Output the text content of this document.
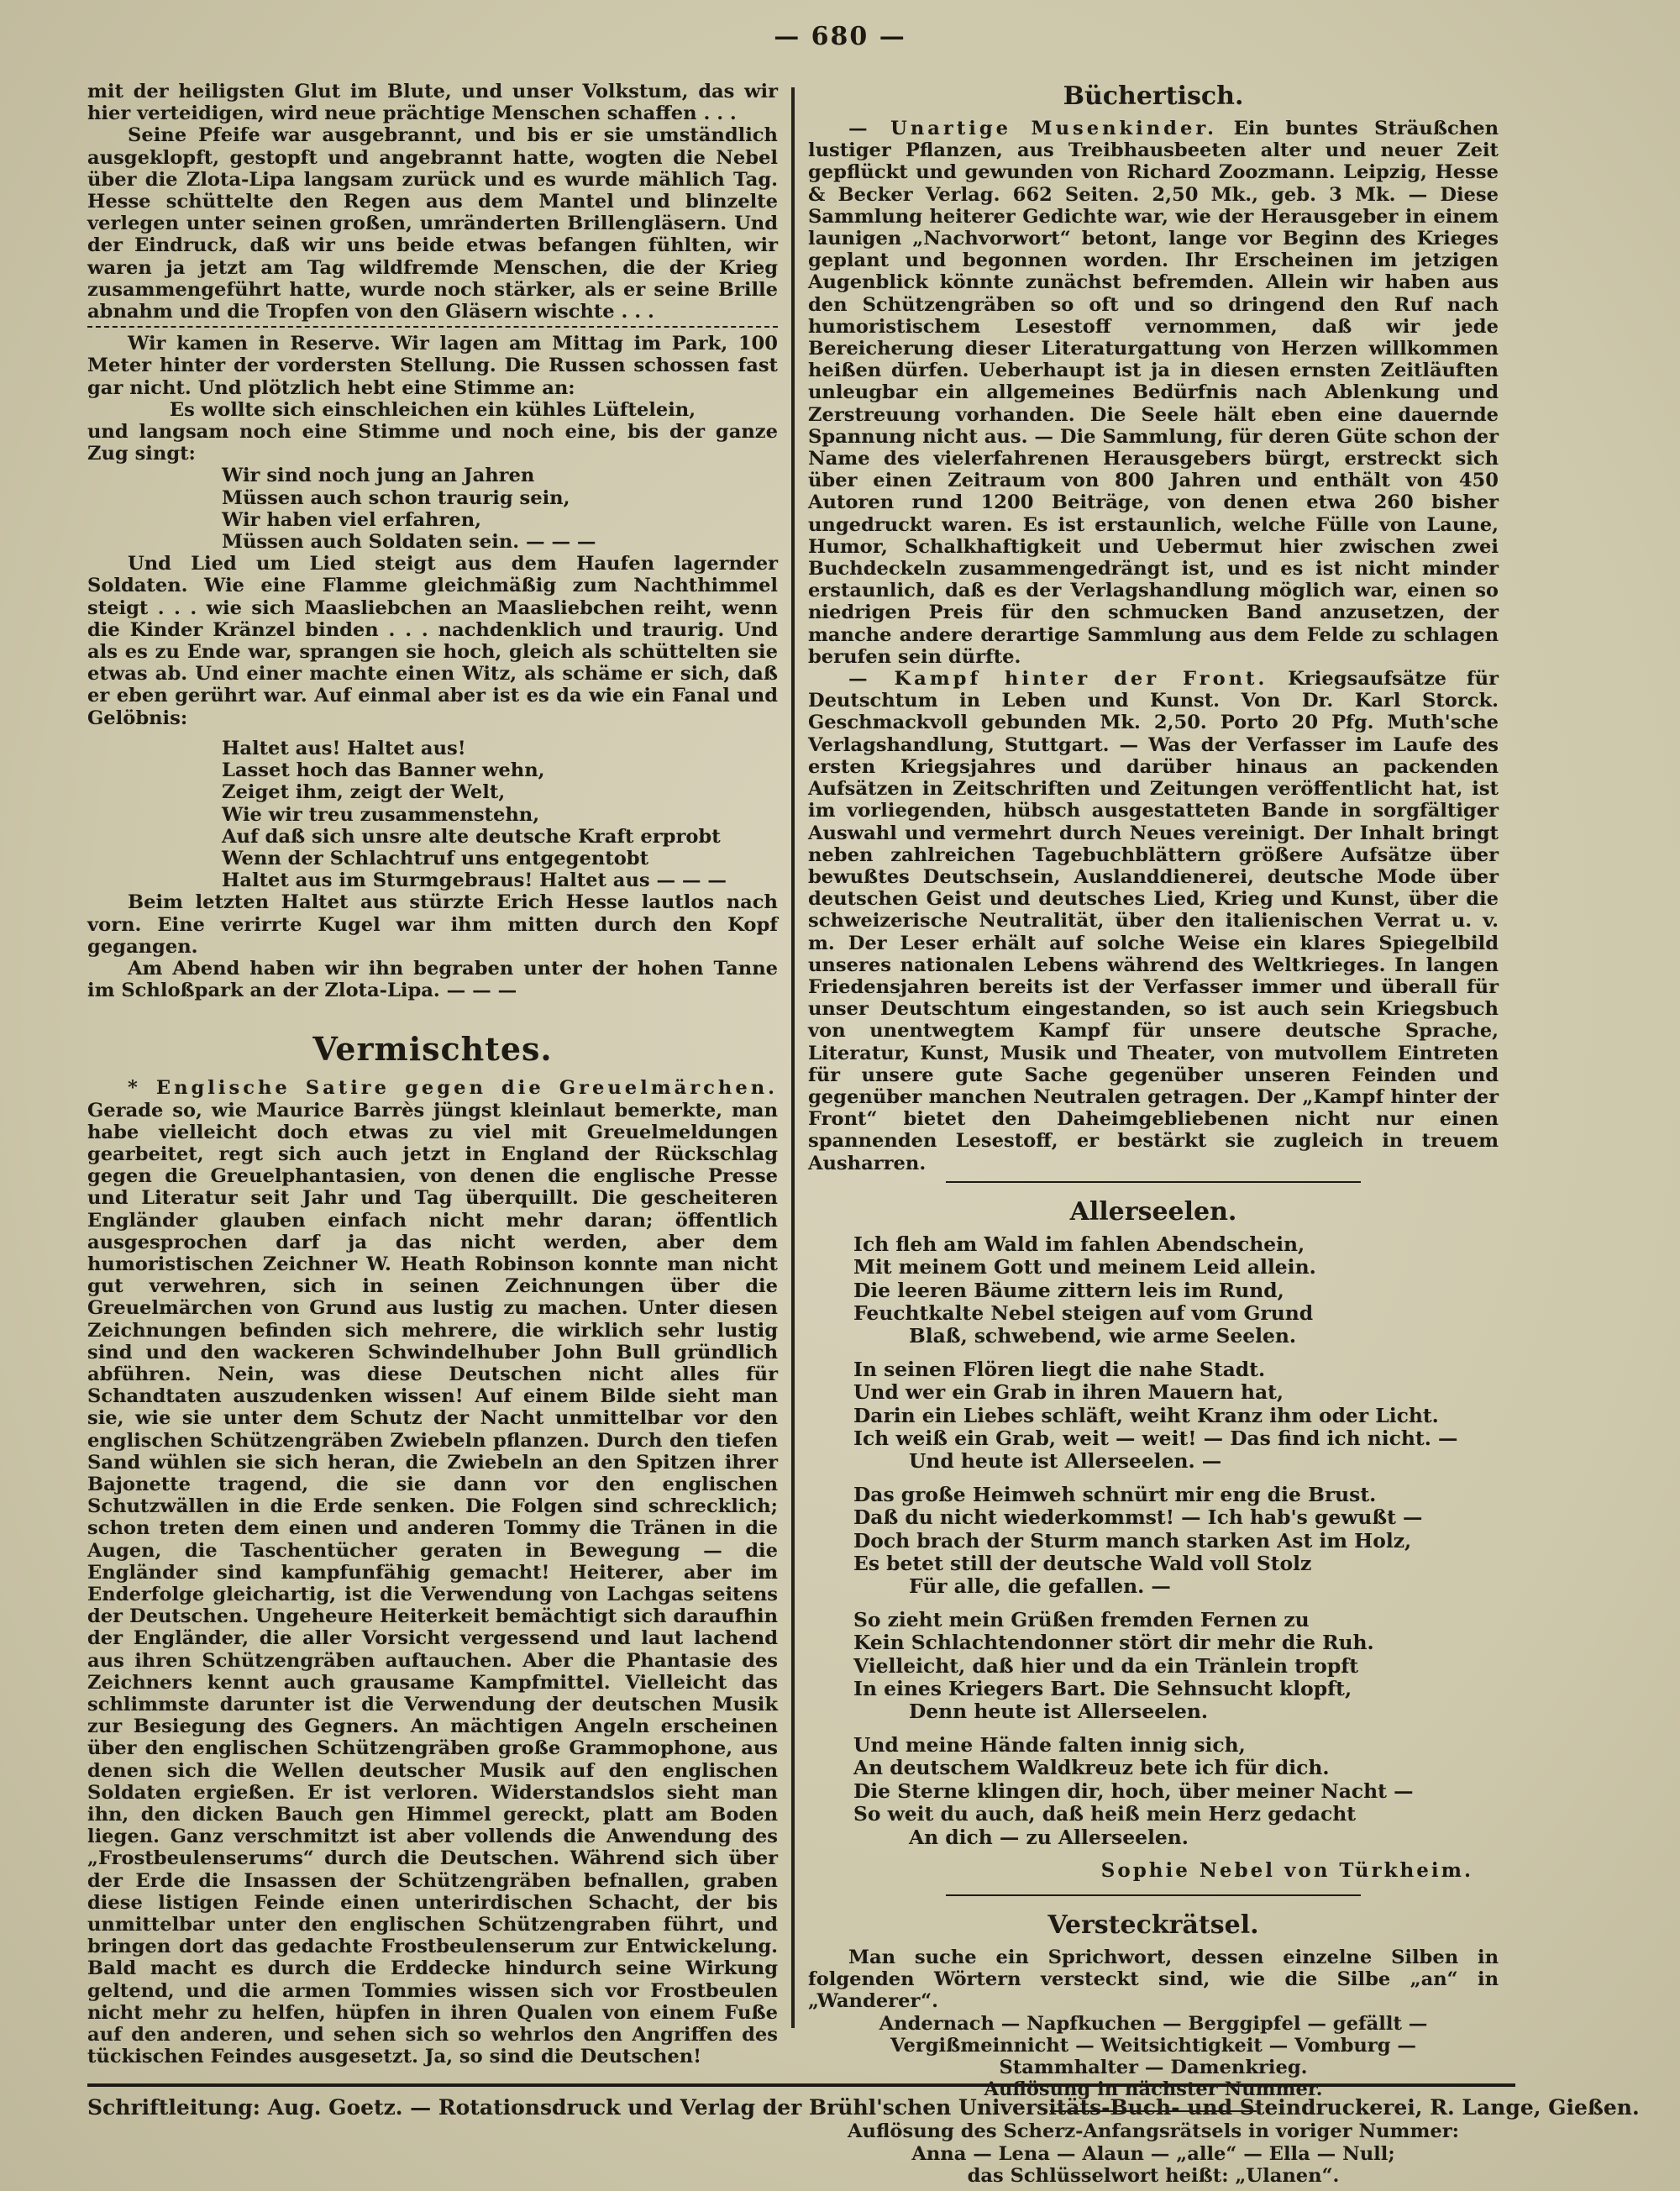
— 680 —

mit der heiligsten Glut im Blute, und unser Volkstum, das wir hier verteidigen, wird neue prächtige Menschen schaffen . . .

Seine Pfeife war ausgebrannt, und bis er sie umständlich ausgeklopft, gestopft und angebrannt hatte, wogten die Nebel über die Zlota-Lipa langsam zurück und es wurde mählich Tag. Hesse schüttelte den Regen aus dem Mantel und blinzelte verlegen unter seinen großen, umränderten Brillengläsern. Und der Eindruck, daß wir uns beide etwas befangen fühlten, wir waren ja jetzt am Tag wildfremde Menschen, die der Krieg zusammengeführt hatte, wurde noch stärker, als er seine Brille abnahm und die Tropfen von den Gläsern wischte . . .

Wir kamen in Reserve. Wir lagen am Mittag im Park, 100 Meter hinter der vordersten Stellung. Die Russen schossen fast gar nicht. Und plötzlich hebt eine Stimme an:

Es wollte sich einschleichen ein kühles Lüftelein,

und langsam noch eine Stimme und noch eine, bis der ganze Zug singt:

Wir sind noch jung an Jahren
Müssen auch schon traurig sein,
Wir haben viel erfahren,
Müssen auch Soldaten sein. — — —

Und Lied um Lied steigt aus dem Haufen lagernder Soldaten. Wie eine Flamme gleichmäßig zum Nachthimmel steigt . . . wie sich Maasliebchen an Maasliebchen reiht, wenn die Kinder Kränzel binden . . . nachdenklich und traurig. Und als es zu Ende war, sprangen sie hoch, gleich als schüttelten sie etwas ab. Und einer machte einen Witz, als schäme er sich, daß er eben gerührt war. Auf einmal aber ist es da wie ein Fanal und Gelöbnis:

Haltet aus! Haltet aus!
Lasset hoch das Banner wehn,
Zeiget ihm, zeigt der Welt,
Wie wir treu zusammenstehn,
Auf daß sich unsre alte deutsche Kraft erprobt
Wenn der Schlachtruf uns entgegentobt
Haltet aus im Sturmgebraus! Haltet aus — — —

Beim letzten Haltet aus stürzte Erich Hesse lautlos nach vorn. Eine verirrte Kugel war ihm mitten durch den Kopf gegangen.

Am Abend haben wir ihn begraben unter der hohen Tanne im Schloßpark an der Zlota-Lipa. — — —

Vermischtes.

* Englische Satire gegen die Greuelmärchen. Gerade so, wie Maurice Barrès jüngst kleinlaut bemerkte, man habe vielleicht doch etwas zu viel mit Greuelmeldungen gearbeitet, regt sich auch jetzt in England der Rückschlag gegen die Greuelphantasien, von denen die englische Presse und Literatur seit Jahr und Tag überquillt. Die gescheiteren Engländer glauben einfach nicht mehr daran; öffentlich ausgesprochen darf ja das nicht werden, aber dem humoristischen Zeichner W. Heath Robinson konnte man nicht gut verwehren, sich in seinen Zeichnungen über die Greuelmärchen von Grund aus lustig zu machen. Unter diesen Zeichnungen befinden sich mehrere, die wirklich sehr lustig sind und den wackeren Schwindelhuber John Bull gründlich abführen. Nein, was diese Deutschen nicht alles für Schandtaten auszudenken wissen! Auf einem Bilde sieht man sie, wie sie unter dem Schutz der Nacht unmittelbar vor den englischen Schützengräben Zwiebeln pflanzen. Durch den tiefen Sand wühlen sie sich heran, die Zwiebeln an den Spitzen ihrer Bajonette tragend, die sie dann vor den englischen Schutzwällen in die Erde senken. Die Folgen sind schrecklich; schon treten dem einen und anderen Tommy die Tränen in die Augen, die Taschentücher geraten in Bewegung — die Engländer sind kampfunfähig gemacht! Heiterer, aber im Enderfolge gleichartig, ist die Verwendung von Lachgas seitens der Deutschen. Ungeheure Heiterkeit bemächtigt sich daraufhin der Engländer, die aller Vorsicht vergessend und laut lachend aus ihren Schützengräben auftauchen. Aber die Phantasie des Zeichners kennt auch grausame Kampfmittel. Vielleicht das schlimmste darunter ist die Verwendung der deutschen Musik zur Besiegung des Gegners. An mächtigen Angeln erscheinen über den englischen Schützengräben große Grammophone, aus denen sich die Wellen deutscher Musik auf den englischen Soldaten ergießen. Er ist verloren. Widerstandslos sieht man ihn, den dicken Bauch gen Himmel gereckt, platt am Boden liegen. Ganz verschmitzt ist aber vollends die Anwendung des „Frostbeulenserums“ durch die Deutschen. Während sich über der Erde die Insassen der Schützengräben befnallen, graben diese listigen Feinde einen unterirdischen Schacht, der bis unmittelbar unter den englischen Schützengraben führt, und bringen dort das gedachte Frostbeulenserum zur Entwickelung. Bald macht es durch die Erddecke hindurch seine Wirkung geltend, und die armen Tommies wissen sich vor Frostbeulen nicht mehr zu helfen, hüpfen in ihren Qualen von einem Fuße auf den anderen, und sehen sich so wehrlos den Angriffen des tückischen Feindes ausgesetzt. Ja, so sind die Deutschen!

Büchertisch.

— Unartige Musenkinder. Ein buntes Sträußchen lustiger Pflanzen, aus Treibhausbeeten alter und neuer Zeit gepflückt und gewunden von Richard Zoozmann. Leipzig, Hesse & Becker Verlag. 662 Seiten. 2,50 Mk., geb. 3 Mk. — Diese Sammlung heiterer Gedichte war, wie der Herausgeber in einem launigen „Nachvorwort“ betont, lange vor Beginn des Krieges geplant und begonnen worden. Ihr Erscheinen im jetzigen Augenblick könnte zunächst befremden. Allein wir haben aus den Schützengräben so oft und so dringend den Ruf nach humoristischem Lesestoff vernommen, daß wir jede Bereicherung dieser Literaturgattung von Herzen willkommen heißen dürfen. Ueberhaupt ist ja in diesen ernsten Zeitläuften unleugbar ein allgemeines Bedürfnis nach Ablenkung und Zerstreuung vorhanden. Die Seele hält eben eine dauernde Spannung nicht aus. — Die Sammlung, für deren Güte schon der Name des vielerfahrenen Herausgebers bürgt, erstreckt sich über einen Zeitraum von 800 Jahren und enthält von 450 Autoren rund 1200 Beiträge, von denen etwa 260 bisher ungedruckt waren. Es ist erstaunlich, welche Fülle von Laune, Humor, Schalkhaftigkeit und Uebermut hier zwischen zwei Buchdeckeln zusammengedrängt ist, und es ist nicht minder erstaunlich, daß es der Verlagshandlung möglich war, einen so niedrigen Preis für den schmucken Band anzusetzen, der manche andere derartige Sammlung aus dem Felde zu schlagen berufen sein dürfte.

— Kampf hinter der Front. Kriegsaufsätze für Deutschtum in Leben und Kunst. Von Dr. Karl Storck. Geschmackvoll gebunden Mk. 2,50. Porto 20 Pfg. Muth'sche Verlagshandlung, Stuttgart. — Was der Verfasser im Laufe des ersten Kriegsjahres und darüber hinaus an packenden Aufsätzen in Zeitschriften und Zeitungen veröffentlicht hat, ist im vorliegenden, hübsch ausgestatteten Bande in sorgfältiger Auswahl und vermehrt durch Neues vereinigt. Der Inhalt bringt neben zahlreichen Tagebuchblättern größere Aufsätze über bewußtes Deutschsein, Auslanddienerei, deutsche Mode über deutschen Geist und deutsches Lied, Krieg und Kunst, über die schweizerische Neutralität, über den italienischen Verrat u. v. m. Der Leser erhält auf solche Weise ein klares Spiegelbild unseres nationalen Lebens während des Weltkrieges. In langen Friedensjahren bereits ist der Verfasser immer und überall für unser Deutschtum eingestanden, so ist auch sein Kriegsbuch von unentwegtem Kampf für unsere deutsche Sprache, Literatur, Kunst, Musik und Theater, von mutvollem Eintreten für unsere gute Sache gegenüber unseren Feinden und gegenüber manchen Neutralen getragen. Der „Kampf hinter der Front“ bietet den Daheimgebliebenen nicht nur einen spannenden Lesestoff, er bestärkt sie zugleich in treuem Ausharren.

Allerseelen.
Ich fleh am Wald im fahlen Abendschein,
Mit meinem Gott und meinem Leid allein.
Die leeren Bäume zittern leis im Rund,
Feuchtkalte Nebel steigen auf vom Grund
Blaß, schwebend, wie arme Seelen.
In seinen Flören liegt die nahe Stadt.
Und wer ein Grab in ihren Mauern hat,
Darin ein Liebes schläft, weiht Kranz ihm oder Licht.
Ich weiß ein Grab, weit — weit! — Das find ich nicht. —
Und heute ist Allerseelen. —
Das große Heimweh schnürt mir eng die Brust.
Daß du nicht wiederkommst! — Ich hab's gewußt —
Doch brach der Sturm manch starken Ast im Holz,
Es betet still der deutsche Wald voll Stolz
Für alle, die gefallen. —
So zieht mein Grüßen fremden Fernen zu
Kein Schlachtendonner stört dir mehr die Ruh.
Vielleicht, daß hier und da ein Tränlein tropft
In eines Kriegers Bart. Die Sehnsucht klopft,
Denn heute ist Allerseelen.
Und meine Hände falten innig sich,
An deutschem Waldkreuz bete ich für dich.
Die Sterne klingen dir, hoch, über meiner Nacht —
So weit du auch, daß heiß mein Herz gedacht
An dich — zu Allerseelen.
Sophie Nebel von Türkheim.
Versteckrätsel.

Man suche ein Sprichwort, dessen einzelne Silben in folgenden Wörtern versteckt sind, wie die Silbe „an“ in „Wanderer“.

Andernach — Napfkuchen — Berggipfel — gefällt —
Vergißmeinnicht — Weitsichtigkeit — Vomburg —
Stammhalter — Damenkrieg.
Auflösung in nächster Nummer.
Auflösung des Scherz-Anfangsrätsels in voriger Nummer:
Anna — Lena — Alaun — „alle“ — Ella — Null;
das Schlüsselwort heißt: „Ulanen“.
Schriftleitung: Aug. Goetz. — Rotationsdruck und Verlag der Brühl'schen Universitäts-Buch- und Steindruckerei, R. Lange, Gießen.
